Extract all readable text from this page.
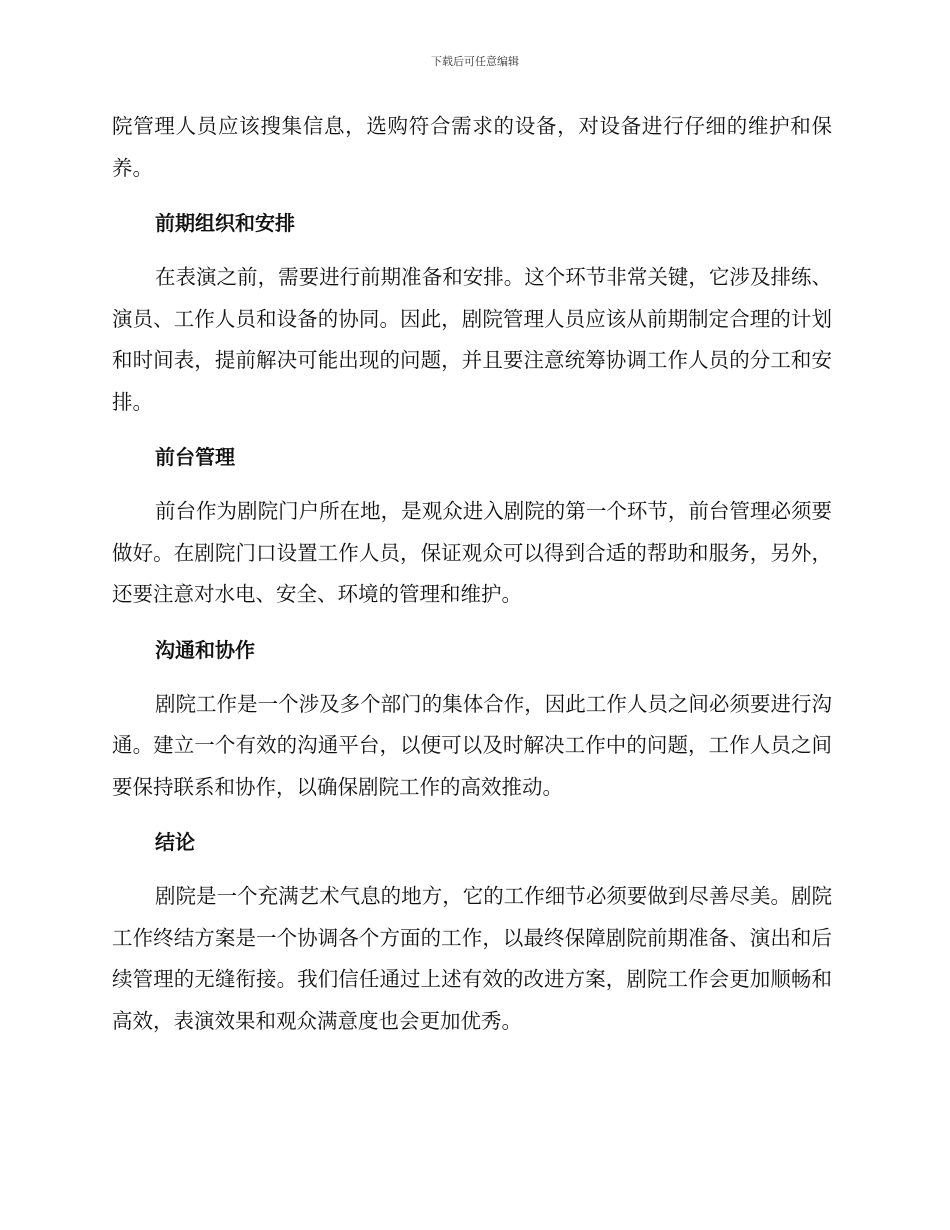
下载后可任意编辑

院管理人员应该搜集信息，选购符合需求的设备，对设备进行仔细的维护和保养。

前期组织和安排

在表演之前，需要进行前期准备和安排。这个环节非常关键，它涉及排练、演员、工作人员和设备的协同。因此，剧院管理人员应该从前期制定合理的计划和时间表，提前解决可能出现的问题，并且要注意统筹协调工作人员的分工和安排。

前台管理

前台作为剧院门户所在地，是观众进入剧院的第一个环节，前台管理必须要做好。在剧院门口设置工作人员，保证观众可以得到合适的帮助和服务，另外，还要注意对水电、安全、环境的管理和维护。

沟通和协作

剧院工作是一个涉及多个部门的集体合作，因此工作人员之间必须要进行沟通。建立一个有效的沟通平台，以便可以及时解决工作中的问题，工作人员之间要保持联系和协作，以确保剧院工作的高效推动。

结论

剧院是一个充满艺术气息的地方，它的工作细节必须要做到尽善尽美。剧院工作终结方案是一个协调各个方面的工作，以最终保障剧院前期准备、演出和后续管理的无缝衔接。我们信任通过上述有效的改进方案，剧院工作会更加顺畅和高效，表演效果和观众满意度也会更加优秀。
